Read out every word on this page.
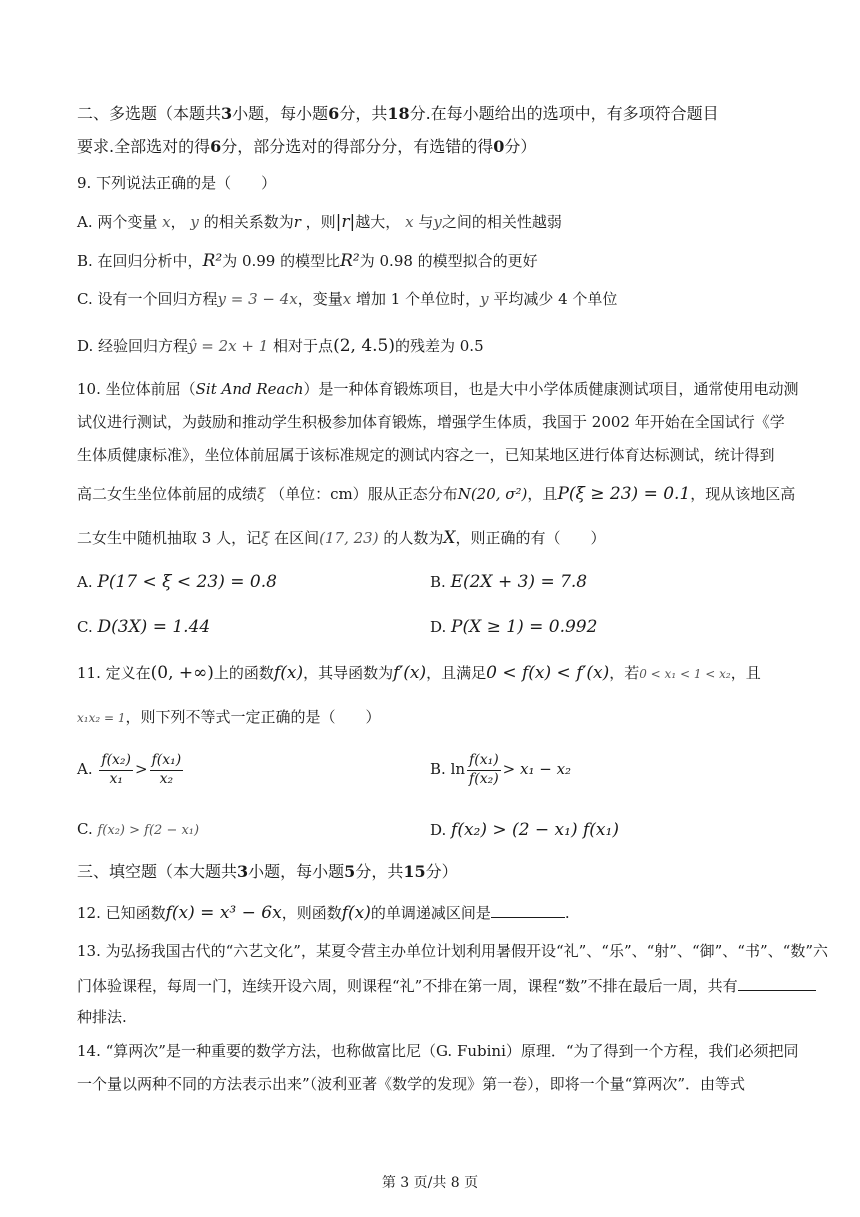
二、多选题（本题共3小题，每小题6分，共18分.在每小题给出的选项中，有多项符合题目
要求.全部选对的得6分，部分选对的得部分分，有选错的得0分）
9. 下列说法正确的是（　　）
A. 两个变量 x， y 的相关系数为r ，则|r|越大， x 与y之间的相关性越弱
B. 在回归分析中，R²为 0.99 的模型比R²为 0.98 的模型拟合的更好
C. 设有一个回归方程y = 3 − 4x，变量x 增加 1 个单位时，y 平均减少 4 个单位
D. 经验回归方程ŷ = 2x + 1 相对于点(2, 4.5)的残差为 0.5
10. 坐位体前屈（Sit And Reach）是一种体育锻炼项目，也是大中小学体质健康测试项目，通常使用电动测
试仪进行测试，为鼓励和推动学生积极参加体育锻炼，增强学生体质，我国于 2002 年开始在全国试行《学
生体质健康标准》，坐位体前屈属于该标准规定的测试内容之一，已知某地区进行体育达标测试，统计得到
高二女生坐位体前屈的成绩ξ （单位：cm）服从正态分布N(20, σ²)，且P(ξ ≥ 23) = 0.1，现从该地区高
二女生中随机抽取 3 人，记ξ 在区间(17, 23) 的人数为X，则正确的有（　　）
A. P(17 < ξ < 23) = 0.8	B. E(2X + 3) = 7.8
C. D(3X) = 1.44	D. P(X ≥ 1) = 0.992
11. 定义在(0, +∞)上的函数f(x)，其导函数为f′(x)，且满足0 < f(x) < f′(x)，若0 < x₁ < 1 < x₂，且
x₁x₂ = 1，则下列不等式一定正确的是（　　）
A. $\frac{\text{f(x₂)}}{\text{x₁}} > \frac{\text{f(x₁)}}{\text{x₂}}$	B. $\ln \frac{\text{f(x₁)}}{\text{f(x₂)}} > x_1 - x_2$
C. f(x₂) > f(2 − x₁)	D. f(x₂) > (2 − x₁) f(x₁)
三、填空题（本大题共3小题，每小题5分，共15分）
12. 已知函数f(x) = x³ − 6x，则函数f(x)的单调递减区间是	.
13. 为弘扬我国古代的“六艺文化”，某夏令营主办单位计划利用暑假开设“礼”、“乐”、“射”、“御”、“书”、“数”六
门体验课程，每周一门，连续开设六周，则课程“礼”不排在第一周，课程“数”不排在最后一周，共有
种排法.
14. “算两次”是一种重要的数学方法，也称做富比尼（G. Fubini）原理．“为了得到一个方程，我们必须把同
一个量以两种不同的方法表示出来”（波利亚著《数学的发现》第一卷），即将一个量“算两次”．由等式
第 3 页/共 8 页
